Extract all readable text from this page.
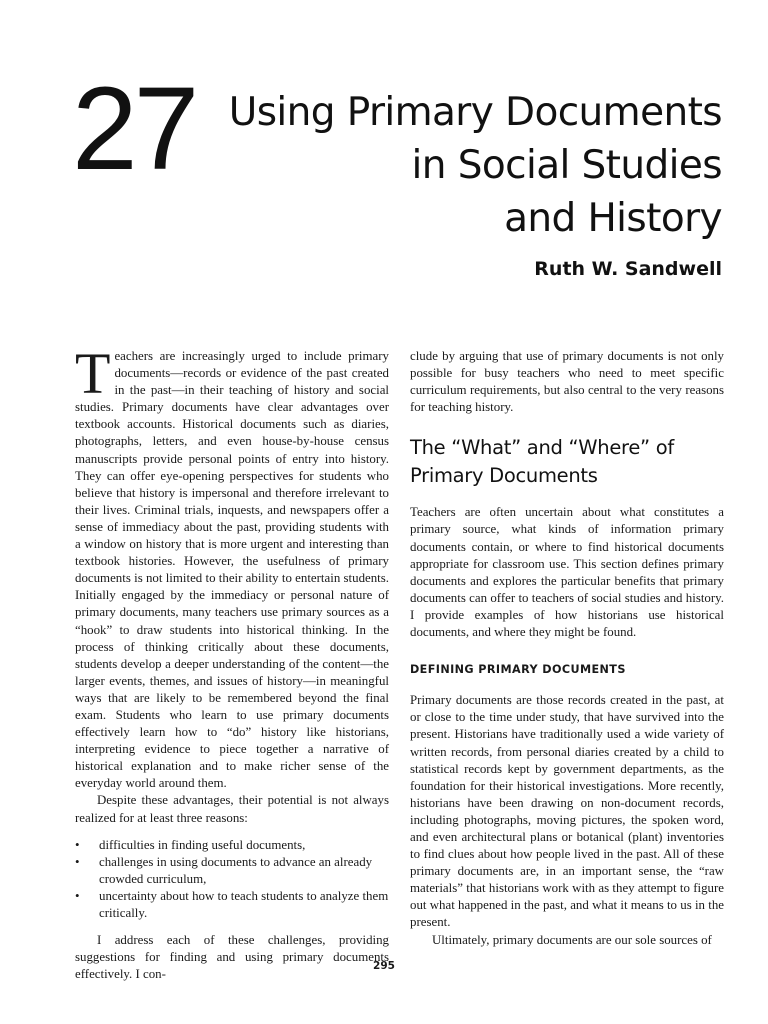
27 Using Primary Documents
in Social Studies
and History
Ruth W. Sandwell

Teachers are increasingly urged to include primary documents—records or evidence of the past created in the past—in their teaching of history and social studies. Primary documents have clear advantages over textbook accounts. Historical documents such as diaries, photographs, letters, and even house-by-house census manuscripts provide personal points of entry into history. They can offer eye-opening perspectives for students who believe that history is impersonal and therefore irrelevant to their lives. Criminal trials, inquests, and newspapers offer a sense of immediacy about the past, providing students with a window on history that is more urgent and interesting than textbook histories. However, the usefulness of primary documents is not limited to their ability to entertain students. Initially engaged by the immediacy or personal nature of primary documents, many teachers use primary sources as a “hook” to draw students into historical thinking. In the process of thinking critically about these documents, students develop a deeper understanding of the content—the larger events, themes, and issues of history—in meaningful ways that are likely to be remembered beyond the final exam. Students who learn to use primary documents effectively learn how to “do” history like historians, interpreting evidence to piece together a narrative of historical explanation and to make richer sense of the everyday world around them.

Despite these advantages, their potential is not always realized for at least three reasons:

• difficulties in finding useful documents,
• challenges in using documents to advance an already crowded curriculum,
• uncertainty about how to teach students to analyze them critically.

I address each of these challenges, providing suggestions for finding and using primary documents effectively. I con-

clude by arguing that use of primary documents is not only possible for busy teachers who need to meet specific curriculum requirements, but also central to the very reasons for teaching history.

The “What” and “Where” of Primary Documents

Teachers are often uncertain about what constitutes a primary source, what kinds of information primary documents contain, or where to find historical documents appropriate for classroom use. This section defines primary documents and explores the particular benefits that primary documents can offer to teachers of social studies and history. I provide examples of how historians use historical documents, and where they might be found.

DEFINING PRIMARY DOCUMENTS

Primary documents are those records created in the past, at or close to the time under study, that have survived into the present. Historians have traditionally used a wide variety of written records, from personal diaries created by a child to statistical records kept by government departments, as the foundation for their historical investigations. More recently, historians have been drawing on non-document records, including photographs, moving pictures, the spoken word, and even architectural plans or botanical (plant) inventories to find clues about how people lived in the past. All of these primary documents are, in an important sense, the “raw materials” that historians work with as they attempt to figure out what happened in the past, and what it means to us in the present.

Ultimately, primary documents are our sole sources of

295
